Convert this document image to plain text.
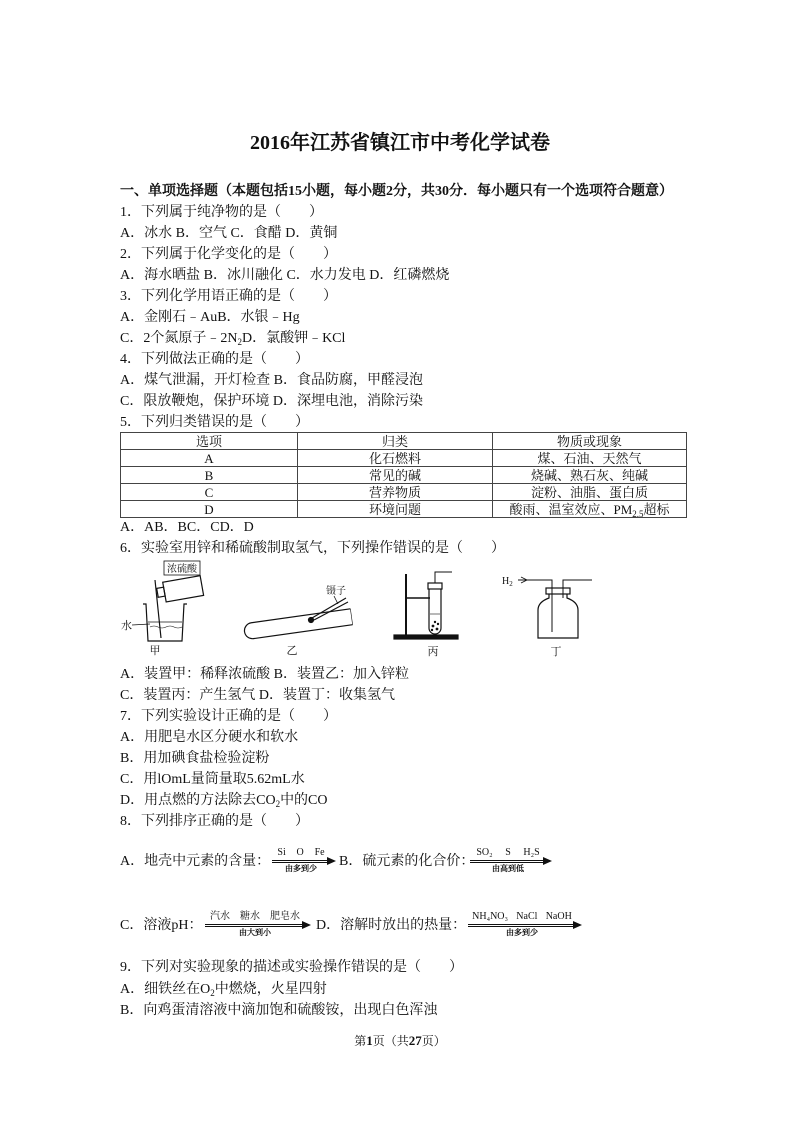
2016年江苏省镇江市中考化学试卷
一、单项选择题（本题包括15小题，每小题2分，共30分．每小题只有一个选项符合题意）
1．下列属于纯净物的是（　　）
A．冰水 B．空气 C．食醋 D．黄铜
2．下列属于化学变化的是（　　）
A．海水晒盐 B．冰川融化 C．水力发电 D．红磷燃烧
3．下列化学用语正确的是（　　）
A．金刚石﹣AuB．水银﹣Hg
C．2个氮原子$﹣2N_2D$．氯酸钾﹣KCl
4．下列做法正确的是（　　）
A．煤气泄漏，开灯检查 B．食品防腐，甲醛浸泡
C．限放鞭炮，保护环境 D．深埋电池，消除污染
5．下列归类错误的是（　　）
选项	归类	物质或现象
A	化石燃料	煤、石油、天然气
B	常见的碱	烧碱、熟石灰、纯碱
C	营养物质	淀粉、油脂、蛋白质
D	环境问题	酸雨、温室效应、$PM_{2.5}$超标
A．AB．BC．CD．D
6．实验室用锌和稀硫酸制取氢气，下列操作错误的是（　　）
浓硫酸
水
甲
镊子
乙	丙
$H_2$
丁
A．装置甲：稀释浓硫酸 B．装置乙：加入锌粒
C．装置丙：产生氢气 D．装置丁：收集氢气
7．下列实验设计正确的是（　　）
A．用肥皂水区分硬水和软水
B．用加碘食盐检验淀粉
C．用lOmL量筒量取5.62mL水
D．用点燃的方法除去$CO_2$中的CO
8．下列排序正确的是（　　）
A．地壳中元素的含量：
Si O Fe
由多到少	B．硫元素的化合价：
SO₂ S H₂S
由高到低
C．溶液pH：
汽水 糖水 肥皂水
由大到小	D．溶解时放出的热量：
NH₄NO₃ NaCl NaOH
由多到少
9．下列对实验现象的描述或实验操作错误的是（　　）
A．细铁丝在$O_2$中燃烧，火星四射
B．向鸡蛋清溶液中滴加饱和硫酸铵，出现白色浑浊
第1页（共27页）
